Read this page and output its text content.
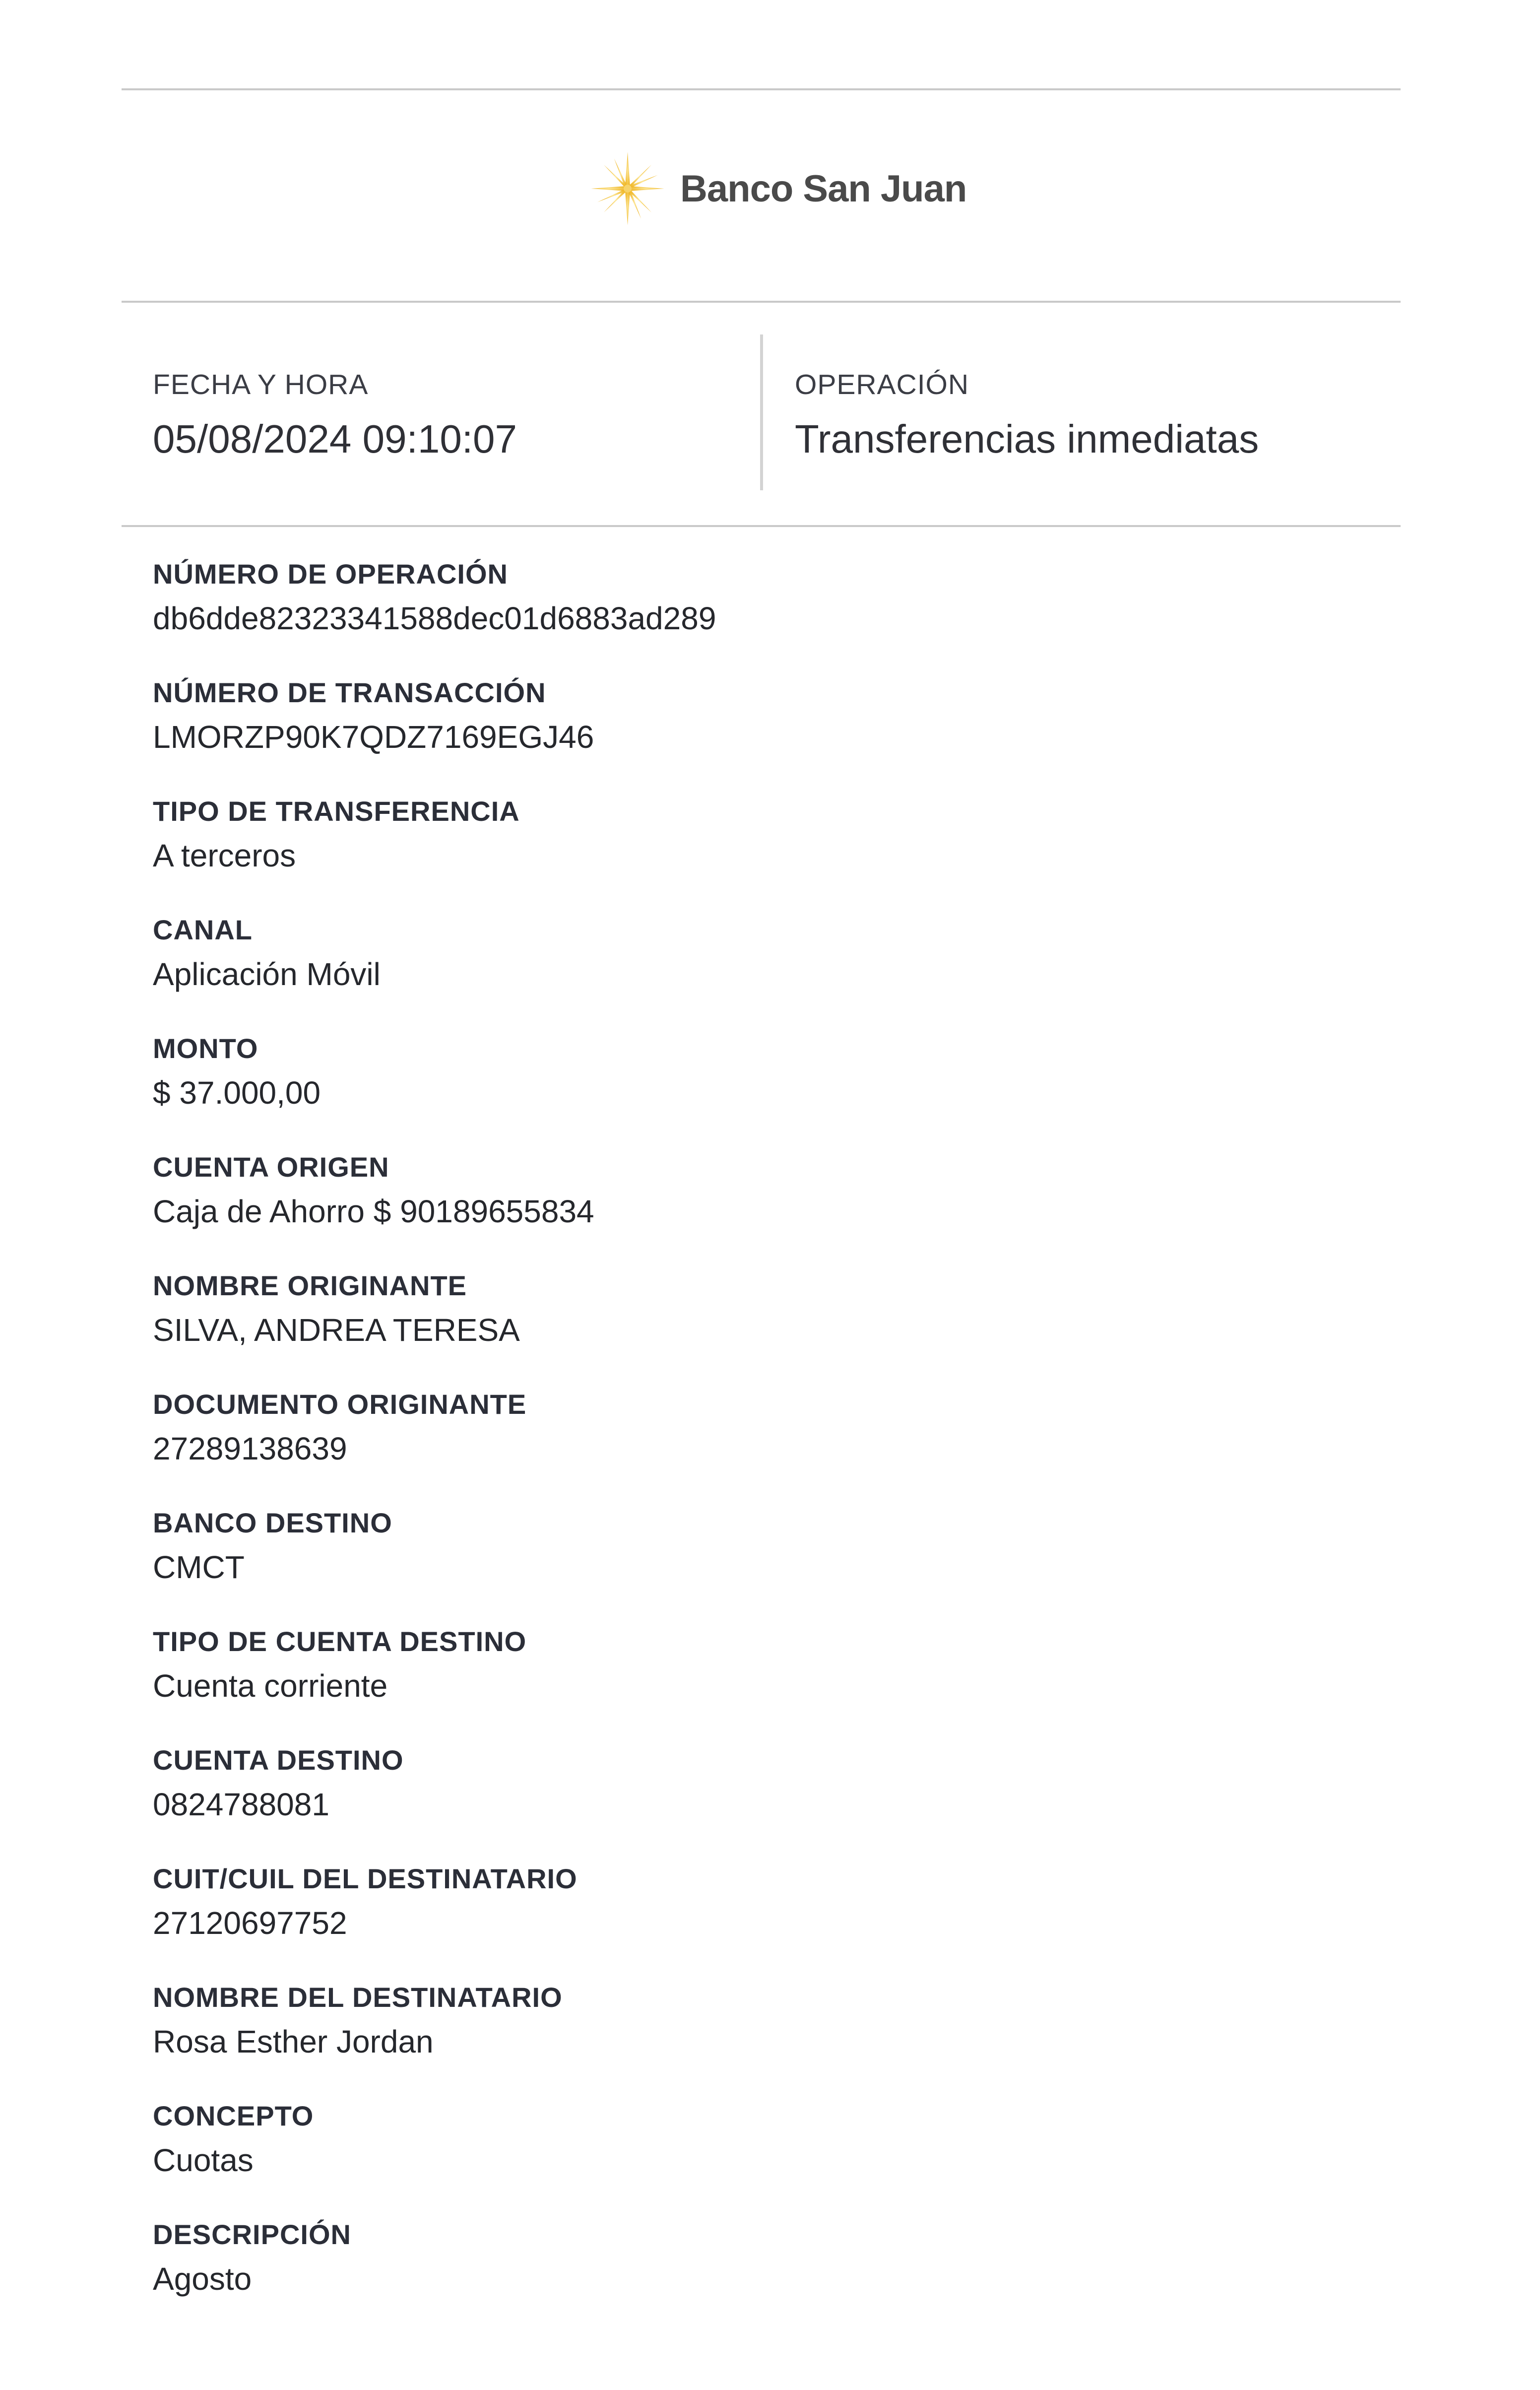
Banco San Juan
FECHA Y HORA
05/08/2024 09:10:07
OPERACIÓN
Transferencias inmediatas
NÚMERO DE OPERACIÓN
db6dde82323341588dec01d6883ad289
NÚMERO DE TRANSACCIÓN
LMORZP90K7QDZ7169EGJ46
TIPO DE TRANSFERENCIA
A terceros
CANAL
Aplicación Móvil
MONTO
$ 37.000,00
CUENTA ORIGEN
Caja de Ahorro $ 90189655834
NOMBRE ORIGINANTE
SILVA, ANDREA TERESA
DOCUMENTO ORIGINANTE
27289138639
BANCO DESTINO
CMCT
TIPO DE CUENTA DESTINO
Cuenta corriente
CUENTA DESTINO
0824788081
CUIT/CUIL DEL DESTINATARIO
27120697752
NOMBRE DEL DESTINATARIO
Rosa Esther Jordan
CONCEPTO
Cuotas
DESCRIPCIÓN
Agosto
